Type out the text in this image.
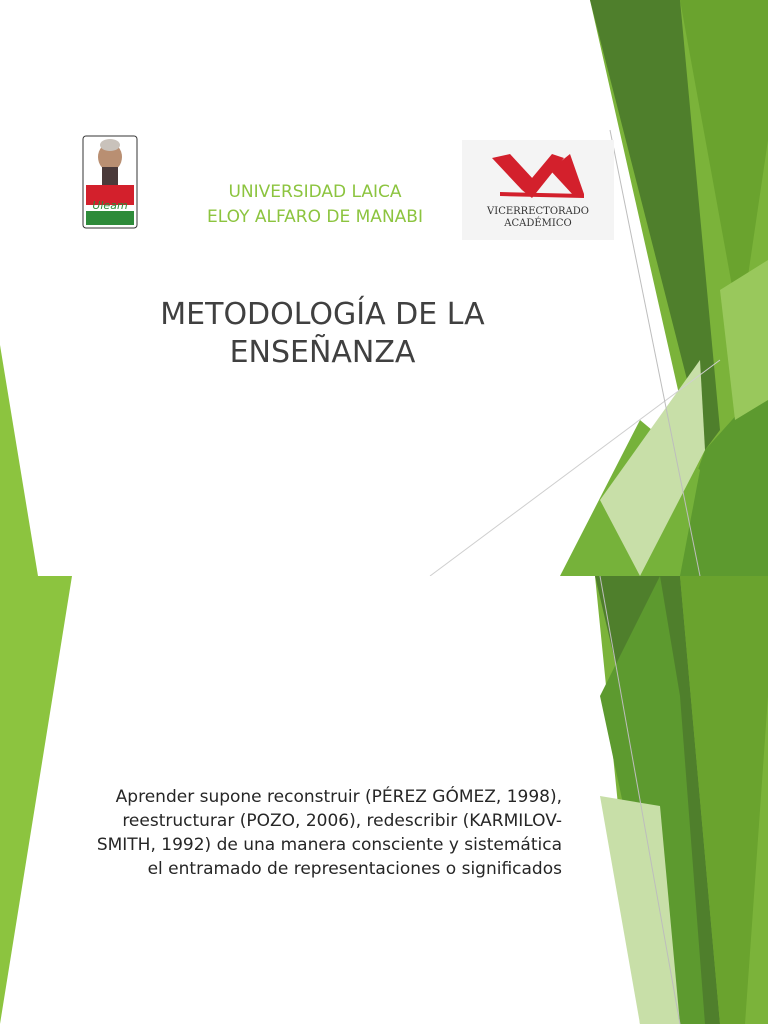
Uleam
UNIVERSIDAD LAICA
ELOY ALFARO DE MANABI	VICERRECTORADO
ACADÉMICO
METODOLOGÍA DE LA
ENSEÑANZA
Aprender supone reconstruir (PÉREZ GÓMEZ, 1998),
reestructurar (POZO, 2006), redescribir (KARMILOV-
SMITH, 1992) de una manera consciente y sistemática
el entramado de representaciones o significados
